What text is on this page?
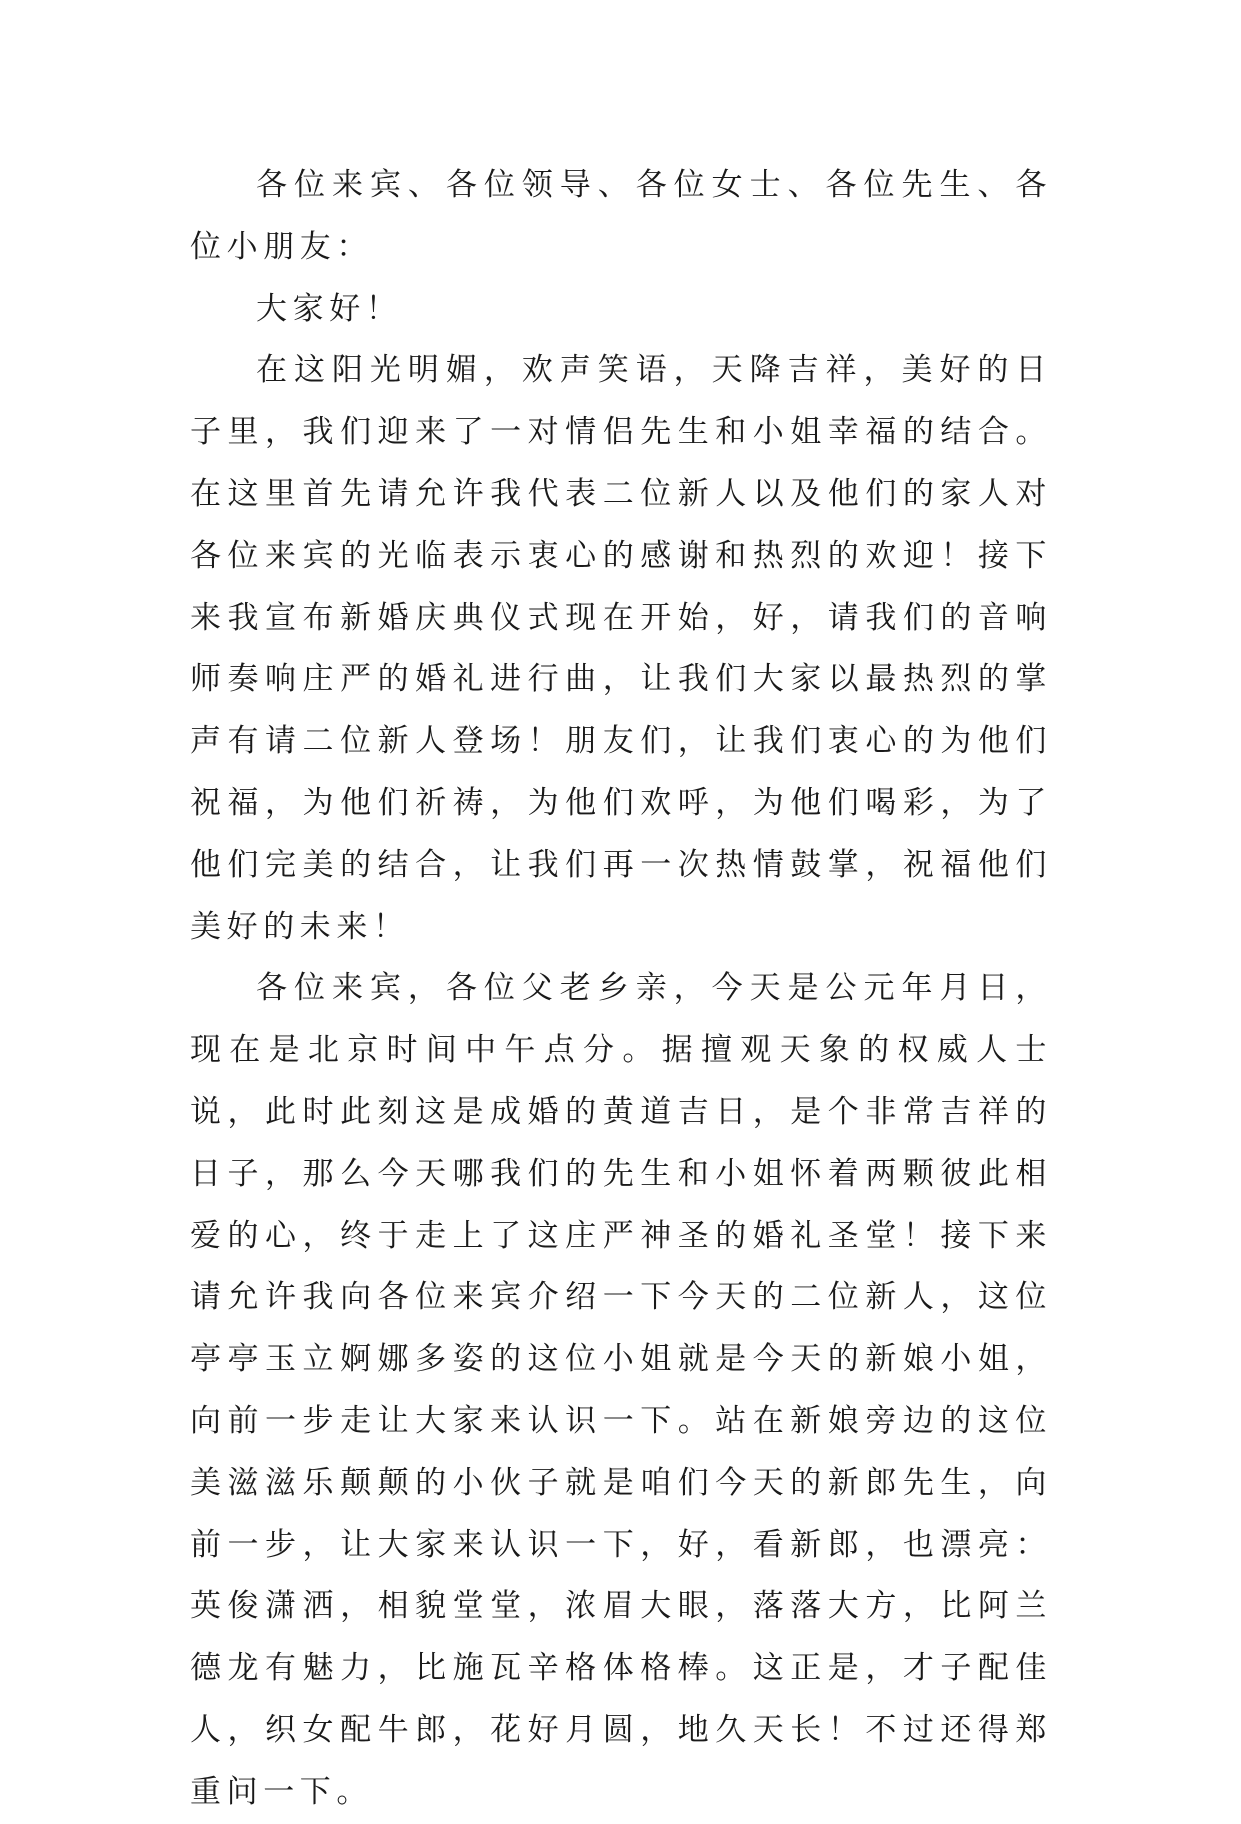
各位来宾、各位领导、各位女士、各位先生、各位小朋友：

大家好！

在这阳光明媚，欢声笑语，天降吉祥，美好的日子里，我们迎来了一对情侣先生和小姐幸福的结合。在这里首先请允许我代表二位新人以及他们的家人对各位来宾的光临表示衷心的感谢和热烈的欢迎！接下来我宣布新婚庆典仪式现在开始，好，请我们的音响师奏响庄严的婚礼进行曲，让我们大家以最热烈的掌声有请二位新人登场！朋友们，让我们衷心的为他们祝福，为他们祈祷，为他们欢呼，为他们喝彩，为了他们完美的结合，让我们再一次热情鼓掌，祝福他们美好的未来！

各位来宾，各位父老乡亲，今天是公元年月日，现在是北京时间中午点分。据擅观天象的权威人士说，此时此刻这是成婚的黄道吉日，是个非常吉祥的日子，那么今天哪我们的先生和小姐怀着两颗彼此相爱的心，终于走上了这庄严神圣的婚礼圣堂！接下来请允许我向各位来宾介绍一下今天的二位新人，这位亭亭玉立婀娜多姿的这位小姐就是今天的新娘小姐，向前一步走让大家来认识一下。站在新娘旁边的这位美滋滋乐颠颠的小伙子就是咱们今天的新郎先生，向前一步，让大家来认识一下，好，看新郎，也漂亮：英俊潇洒，相貌堂堂，浓眉大眼，落落大方，比阿兰德龙有魅力，比施瓦辛格体格棒。这正是，才子配佳人，织女配牛郎，花好月圆，地久天长！不过还得郑重问一下。
